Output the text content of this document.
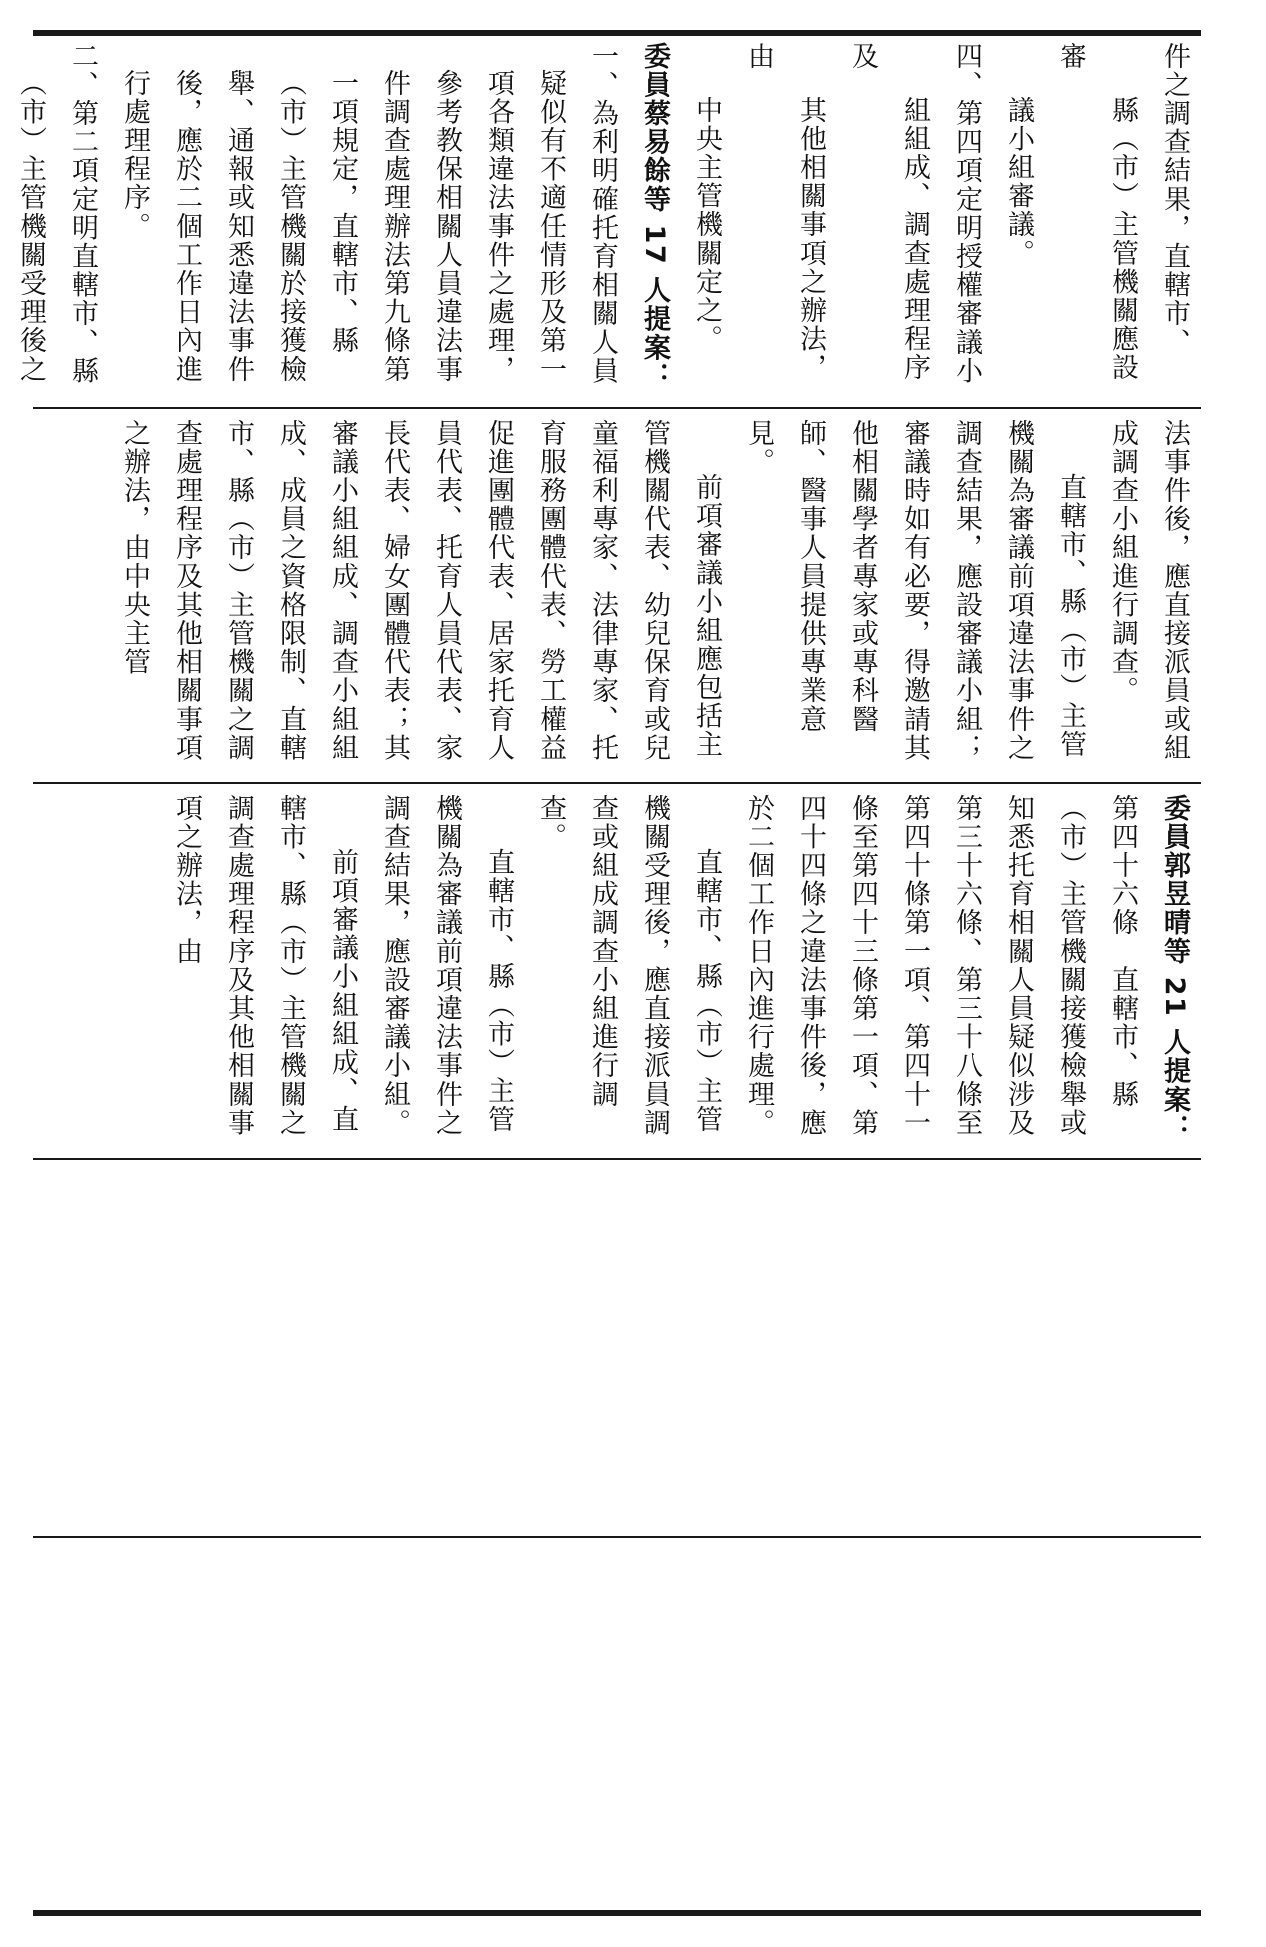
件之調查結果，直轄市、

縣（市）主管機關應設審

議小組審議。

四、第四項定明授權審議小

組組成、調查處理程序及

其他相關事項之辦法，由

中央主管機關定之。

委員蔡易餘等 17 人提案：

一、為利明確托育相關人員疑似有不適任情形及第一項各類違法事件之處理，參考教保相關人員違法事件調查處理辦法第九條第一項規定，直轄市、縣（市）主管機關於接獲檢舉、通報或知悉違法事件後，應於二個工作日內進行處理程序。

二、第二項定明直轄市、縣（市）主管機關受理後之

法事件後，應直接派員或組成調查小組進行調查。

直轄市、縣（市）主管機關為審議前項違法事件之調查結果，應設審議小組；審議時如有必要，得邀請其他相關學者專家或專科醫師、醫事人員提供專業意見。

前項審議小組應包括主管機關代表、幼兒保育或兒童福利專家、法律專家、托育服務團體代表、勞工權益促進團體代表、居家托育人員代表、托育人員代表、家長代表、婦女團體代表；其審議小組組成、調查小組組成、成員之資格限制、直轄市、縣（市）主管機關之調查處理程序及其他相關事項之辦法，由中央主管

委員郭昱晴等 21 人提案：

第四十六條　直轄市、縣（市）主管機關接獲檢舉或知悉托育相關人員疑似涉及第三十六條、第三十八條至第四十條第一項、第四十一條至第四十三條第一項、第四十四條之違法事件後，應於二個工作日內進行處理。

直轄市、縣（市）主管機關受理後，應直接派員調查或組成調查小組進行調查。

直轄市、縣（市）主管機關為審議前項違法事件之調查結果，應設審議小組。

前項審議小組組成、直轄市、縣（市）主管機關之調查處理程序及其他相關事項之辦法，由
